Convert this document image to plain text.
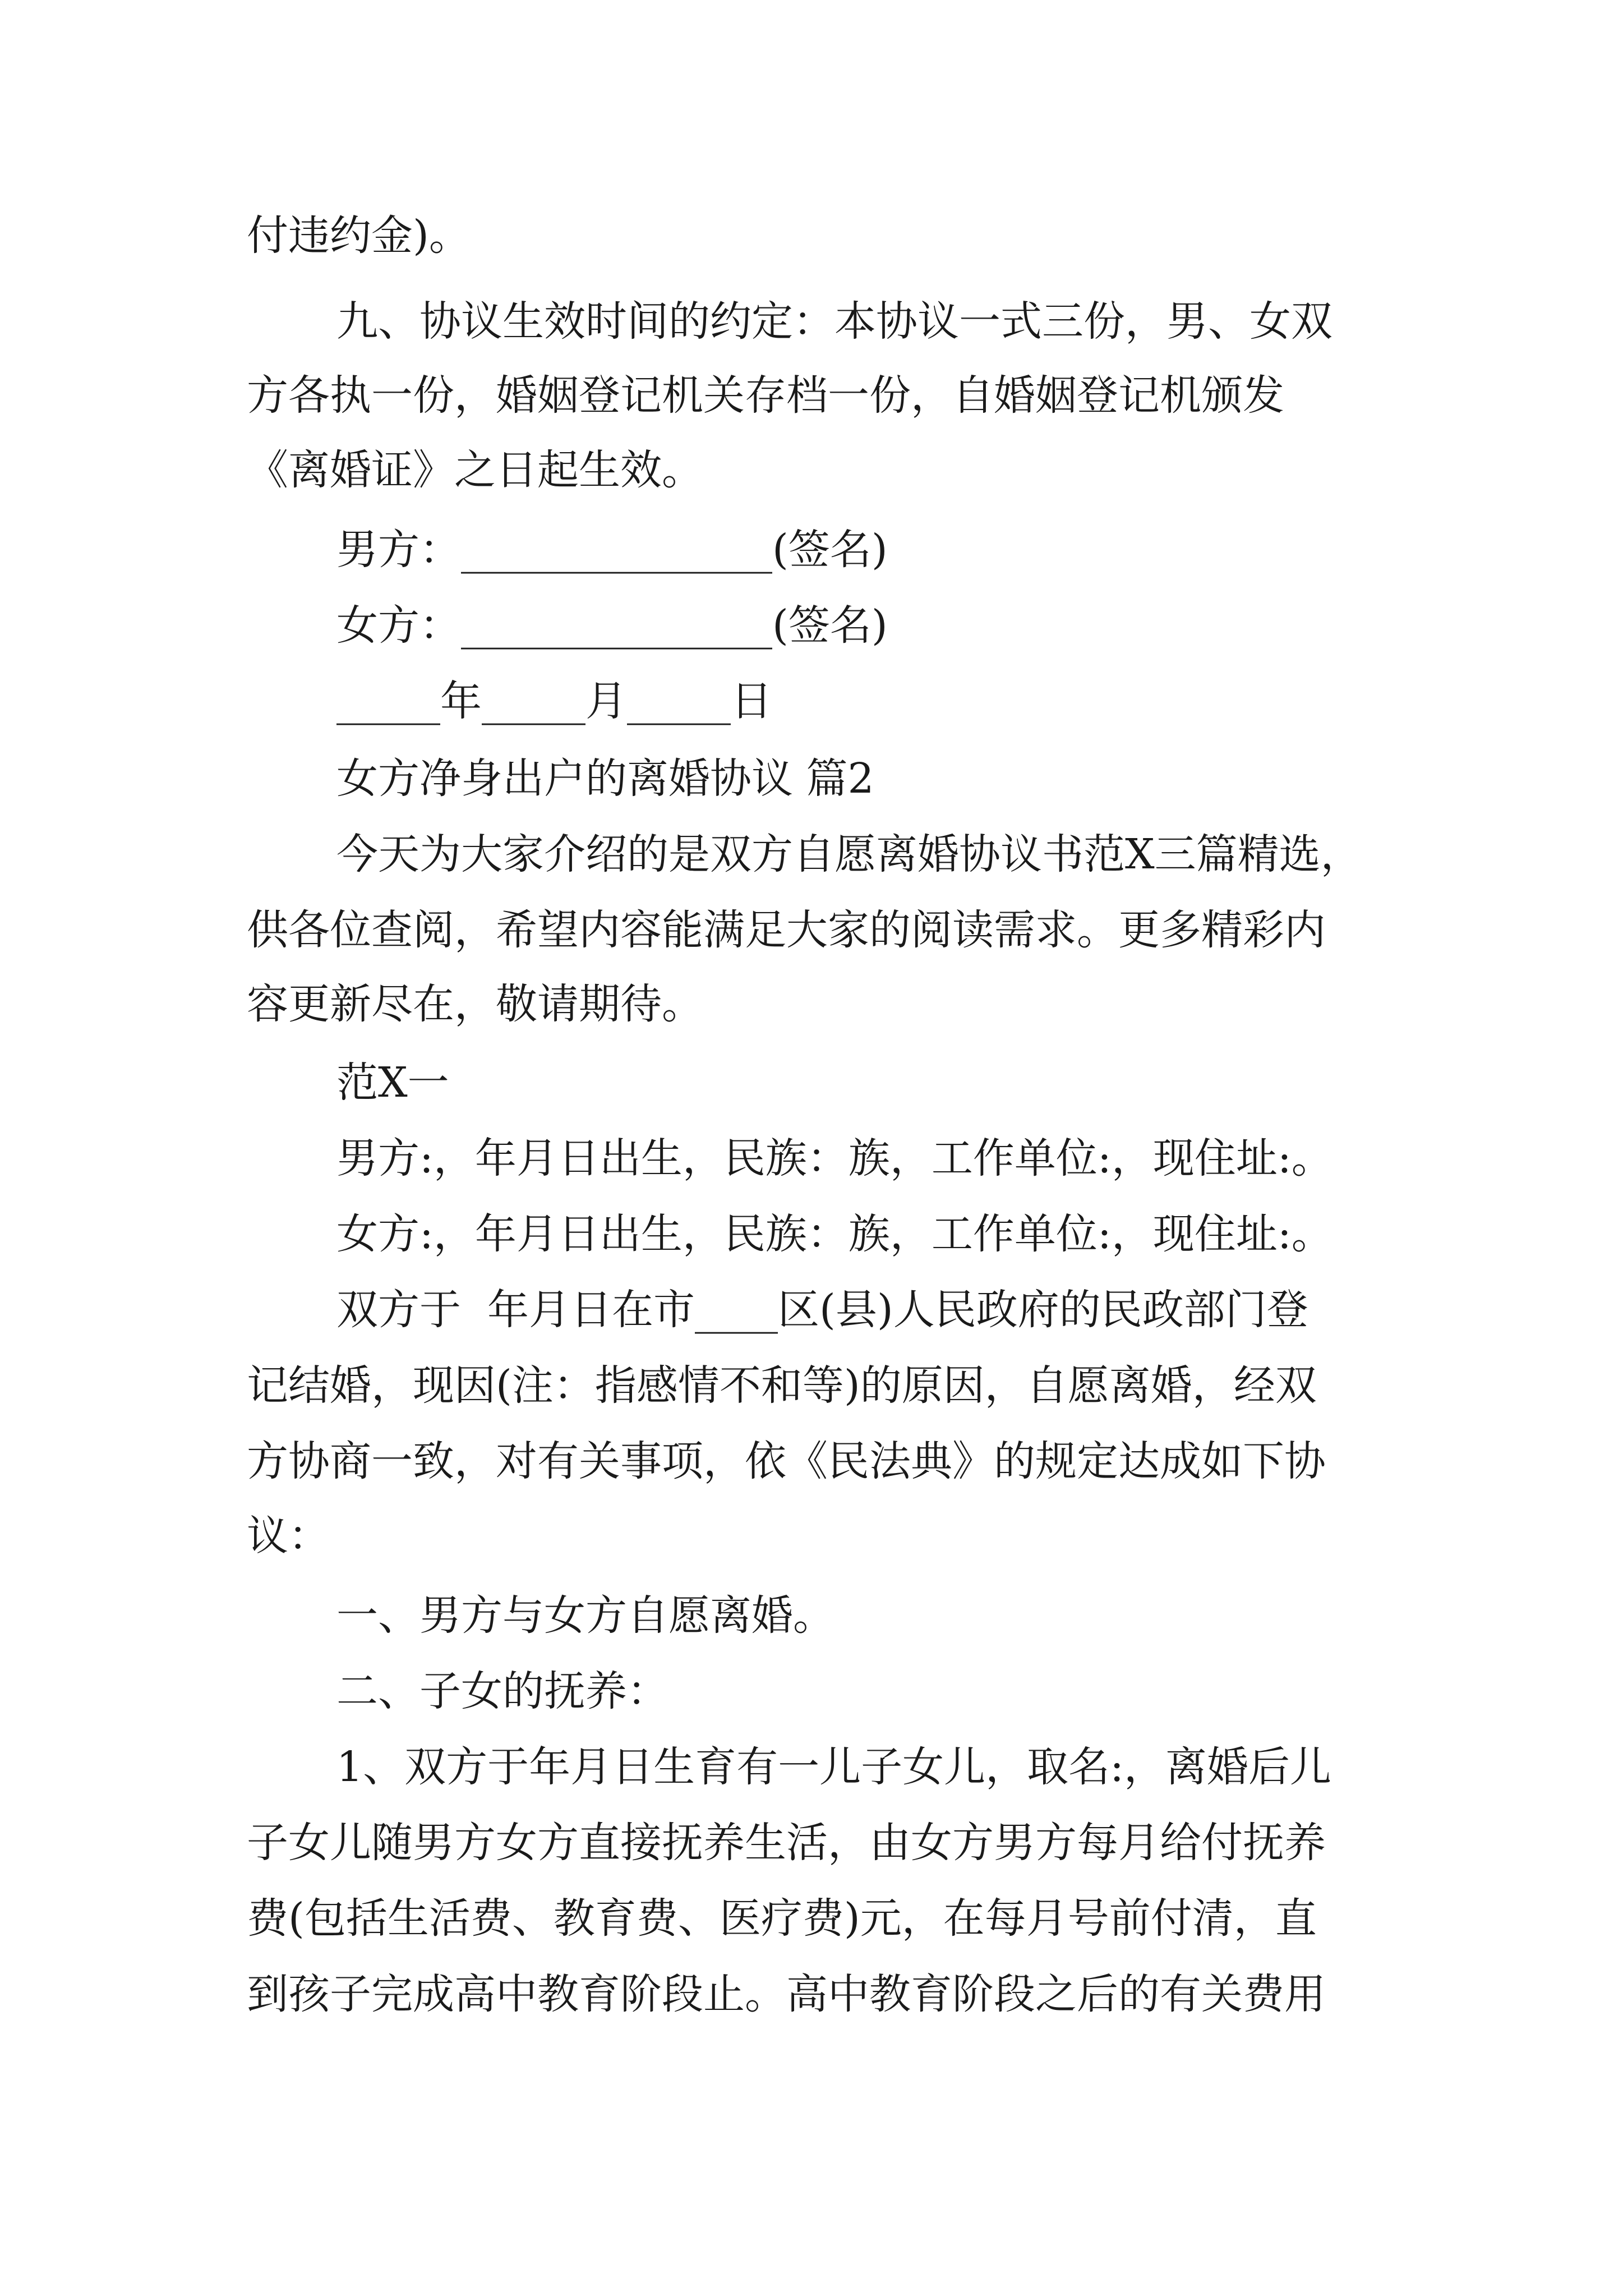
付违约金)。
九、协议生效时间的约定：本协议一式三份，男、女双
方各执一份，婚姻登记机关存档一份，自婚姻登记机颁发
《离婚证》之日起生效。
男方：_______________(签名)
女方：_______________(签名)
_____年_____月_____日
女方净身出户的离婚协议 篇2
今天为大家介绍的是双方自愿离婚协议书范X三篇精选，
供各位查阅，希望内容能满足大家的阅读需求。更多精彩内
容更新尽在，敬请期待。
范X一
男方:，年月日出生，民族：族，工作单位:，现住址:。
女方:，年月日出生，民族：族，工作单位:，现住址:。
双方于  年月日在市____区(县)人民政府的民政部门登
记结婚，现因(注：指感情不和等)的原因，自愿离婚，经双
方协商一致，对有关事项，依《民法典》的规定达成如下协
议：
一、男方与女方自愿离婚。
二、子女的抚养：
1、双方于年月日生育有一儿子女儿，取名:，离婚后儿
子女儿随男方女方直接抚养生活，由女方男方每月给付抚养
费(包括生活费、教育费、医疗费)元，在每月号前付清，直
到孩子完成高中教育阶段止。高中教育阶段之后的有关费用
